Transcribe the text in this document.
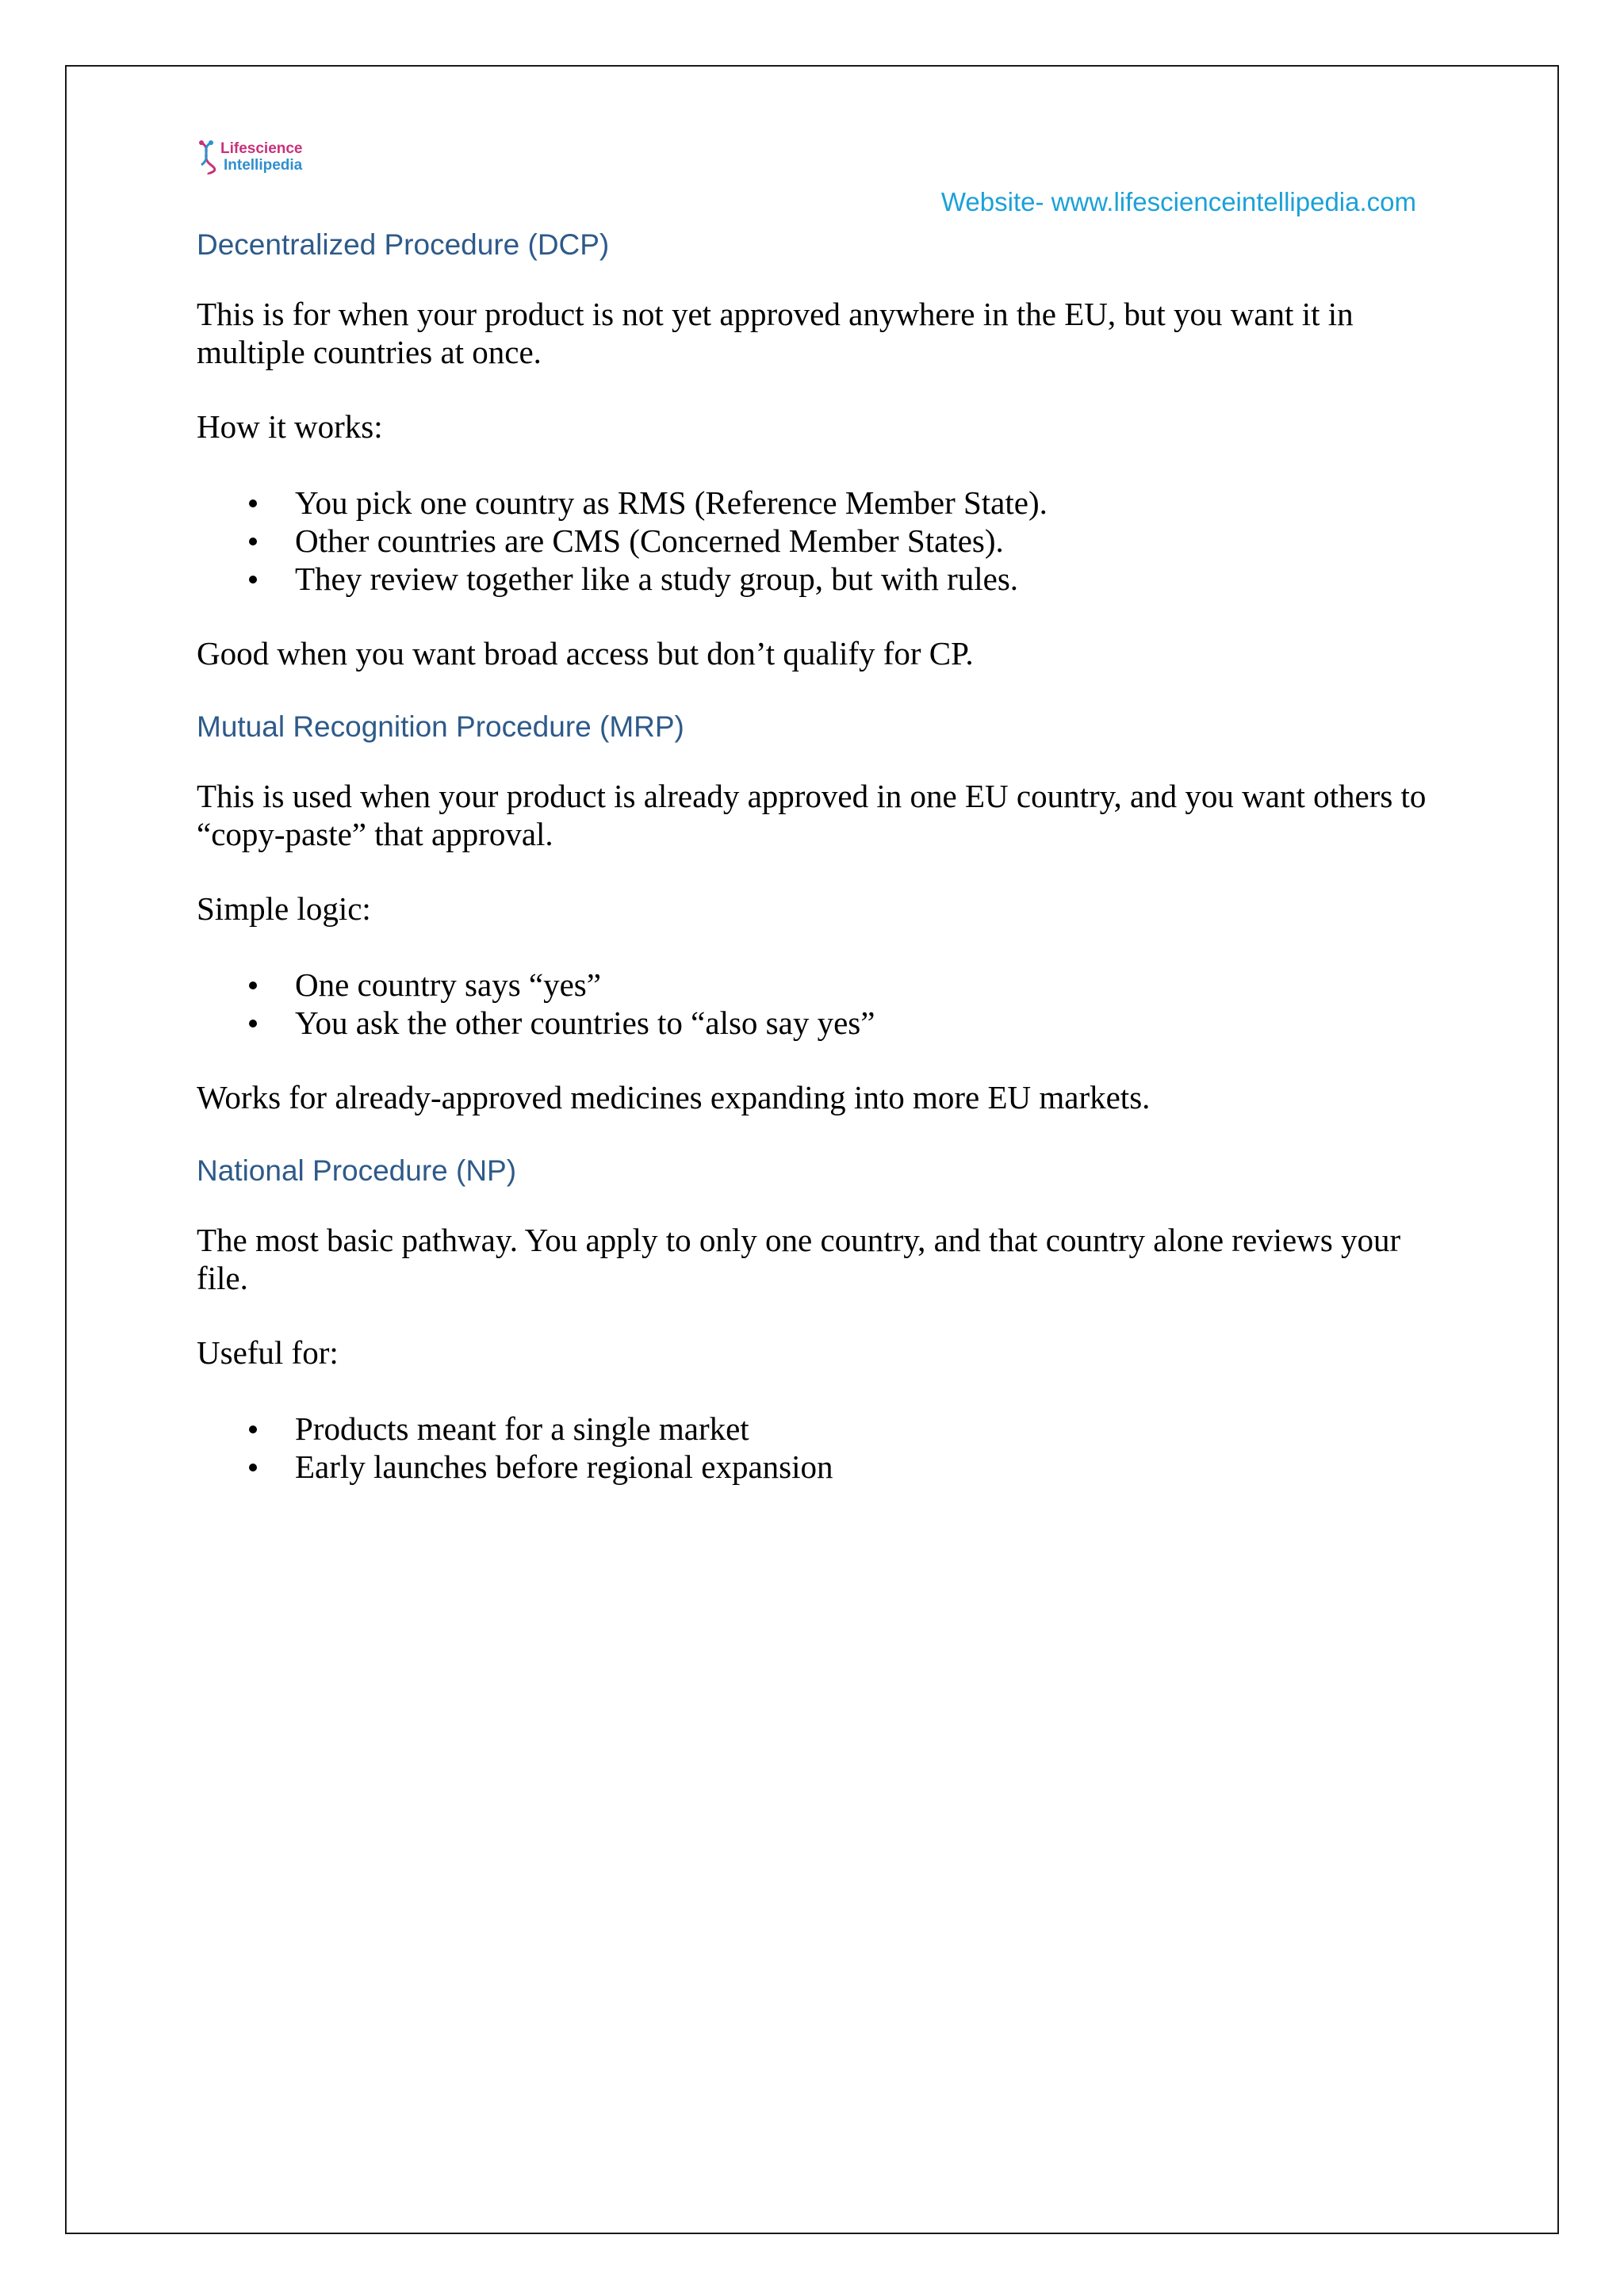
Lifescience
Intellipedia
Website- www.lifescienceintellipedia.com
Decentralized Procedure (DCP)

This is for when your product is not yet approved anywhere in the EU, but you want it in multiple countries at once.

How it works:

You pick one country as RMS (Reference Member State).
Other countries are CMS (Concerned Member States).
They review together like a study group, but with rules.

Good when you want broad access but don’t qualify for CP.

Mutual Recognition Procedure (MRP)

This is used when your product is already approved in one EU country, and you want others to “copy-paste” that approval.

Simple logic:

One country says “yes”
You ask the other countries to “also say yes”

Works for already-approved medicines expanding into more EU markets.

National Procedure (NP)

The most basic pathway. You apply to only one country, and that country alone reviews your file.

Useful for:

Products meant for a single market
Early launches before regional expansion
